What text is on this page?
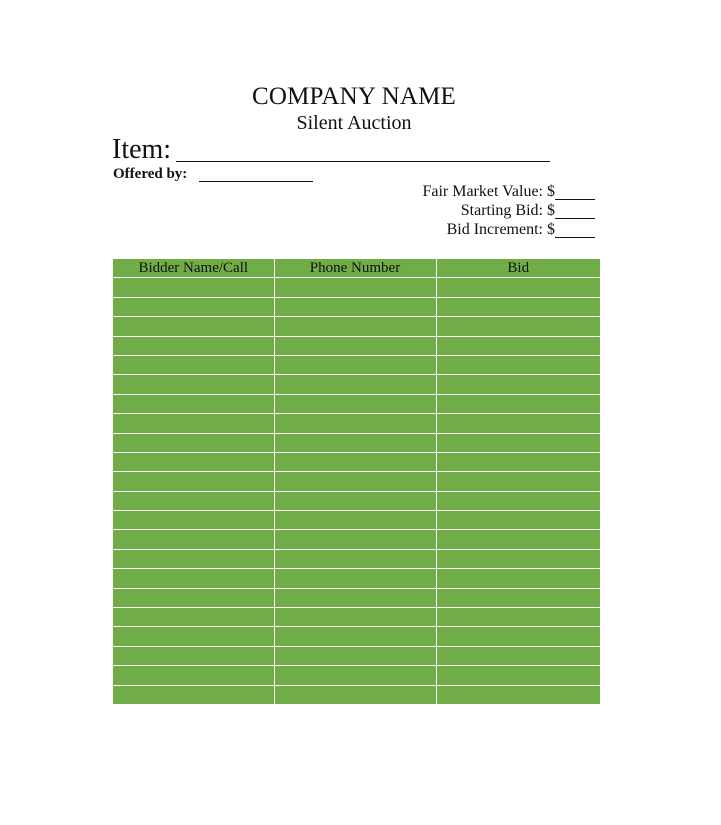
COMPANY NAME
Silent Auction
Item:
Offered by:
Fair Market Value: $
Starting Bid: $
Bid Increment: $
Bidder Name/Call	Phone Number	Bid
